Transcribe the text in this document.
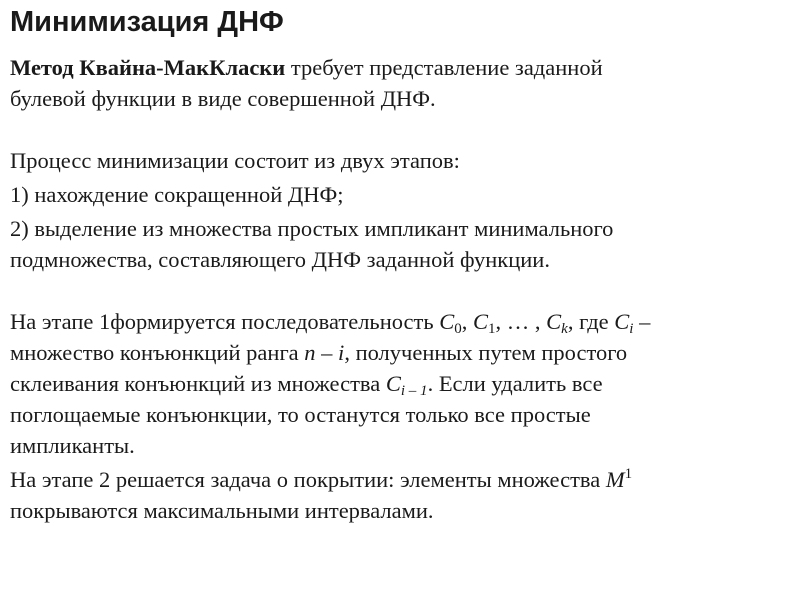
Минимизация ДНФ

Метод Квайна-МакКласки требует представление заданной

булевой функции в виде совершенной ДНФ.

Процесс минимизации состоит из двух этапов:

1) нахождение сокращенной ДНФ;

2) выделение из множества простых импликант минимального

подмножества, составляющего ДНФ заданной функции.

На этапе 1формируется последовательность $C_0$, $C_1$, … , $C_k$, где $C_i$ –

множество конъюнкций ранга n – i, полученных путем простого

склеивания конъюнкций из множества $C_{i - 1}$. Если удалить все

поглощаемые конъюнкции, то останутся только все простые

импликанты.

На этапе 2 решается задача о покрытии: элементы множества $M^1$

покрываются максимальными интервалами.
